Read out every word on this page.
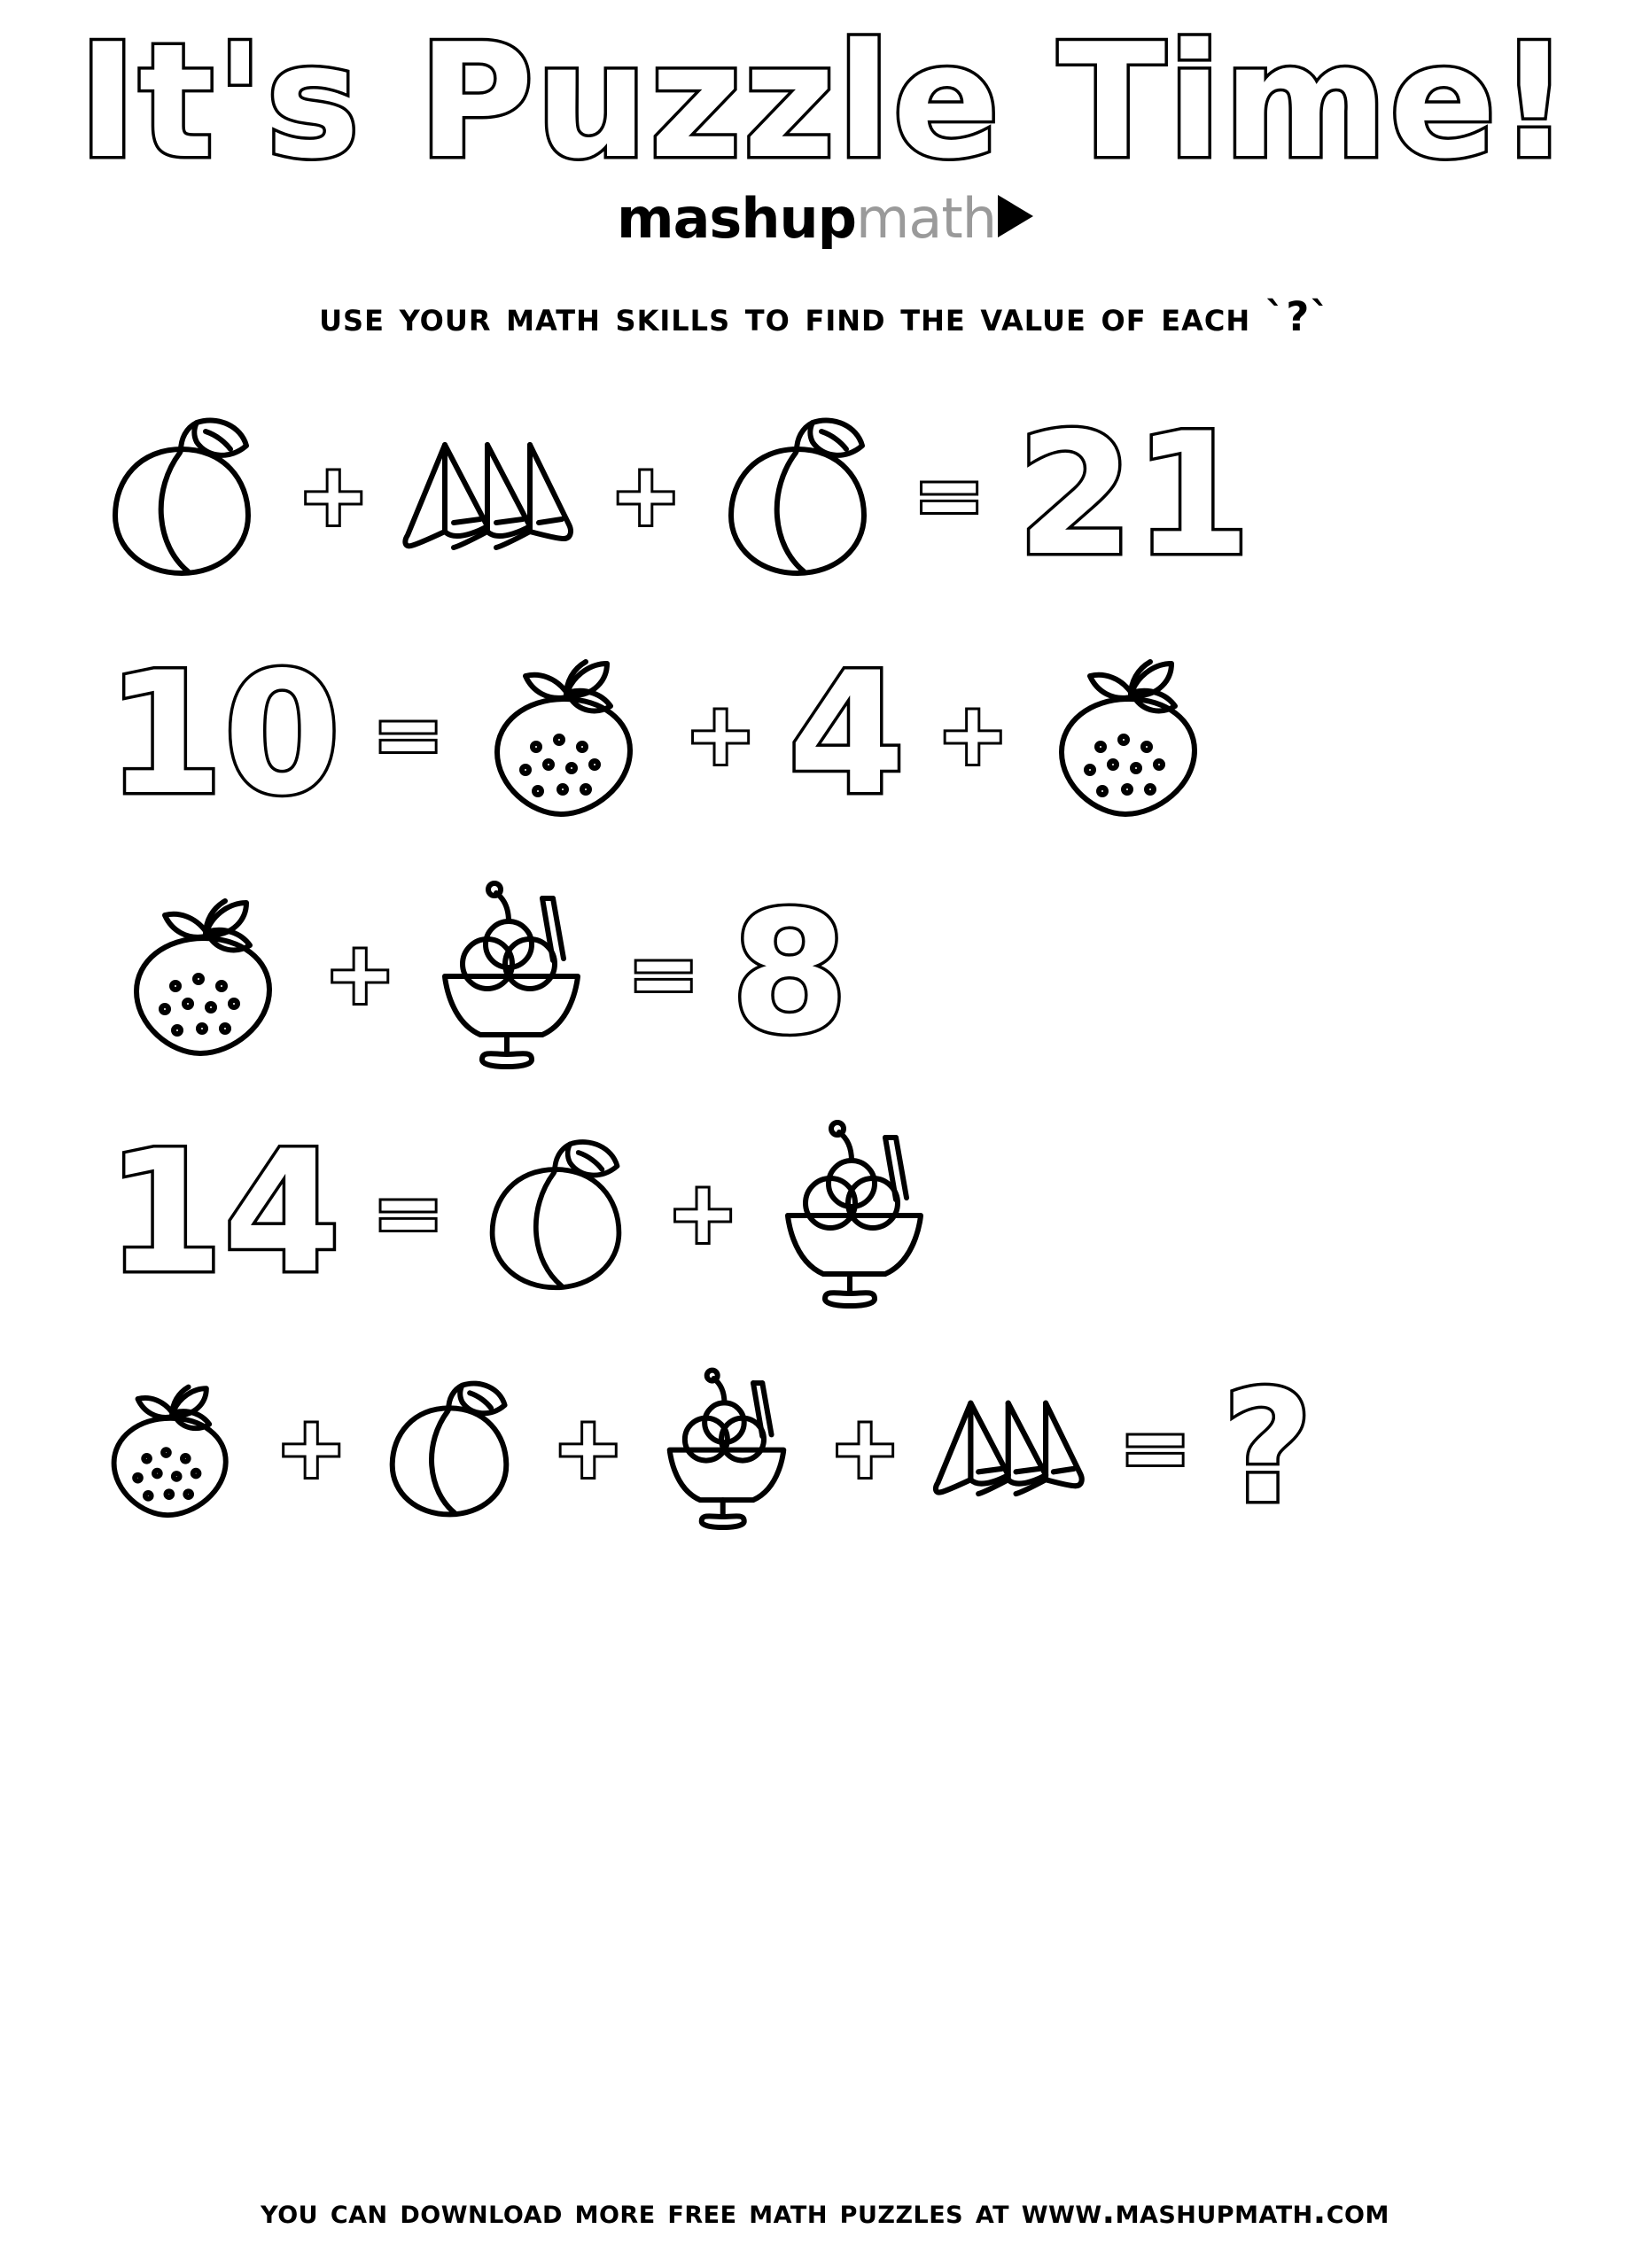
It's Puzzle Time!
mashupmath
use your math skills to find the value of each `?`
+	+	= 21
10 =	+ 4 +
+	= 8
14 =	+
+ + +	= ?
you can download more free math puzzles at www.mashupmath.com
